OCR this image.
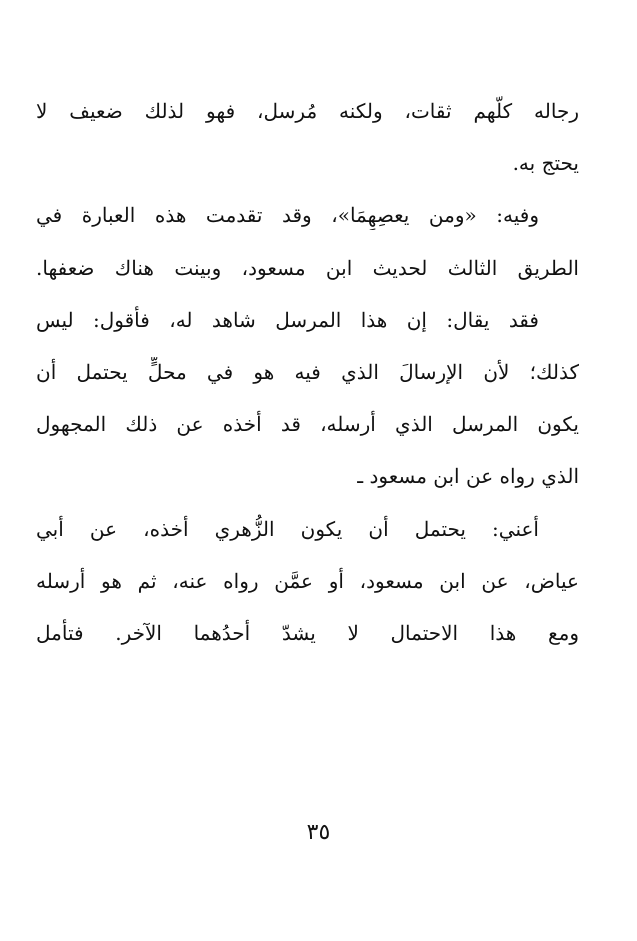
رجاله كلّهم ثقات، ولكنه مُرسل، فهو لذلك ضعيف لا
يحتج به.
وفيه: «ومن يعصِهِمَا»، وقد تقدمت هذه العبارة في
الطريق الثالث لحديث ابن مسعود، وبينت هناك ضعفها.
فقد يقال: إن هذا المرسل شاهد له، فأقول: ليس
كذلك؛ لأن الإرسالَ الذي فيه هو في محلٍّ يحتمل أن
يكون المرسل الذي أرسله، قد أخذه عن ذلك المجهول
الذي رواه عن ابن مسعود ـ
أعني: يحتمل أن يكون الزُّهري أخذه، عن أبي
عياض، عن ابن مسعود، أو عمَّن رواه عنه، ثم هو أرسله
ومع هذا الاحتمال لا يشدّ أحدُهما الآخر. فتأمل
٣٥
